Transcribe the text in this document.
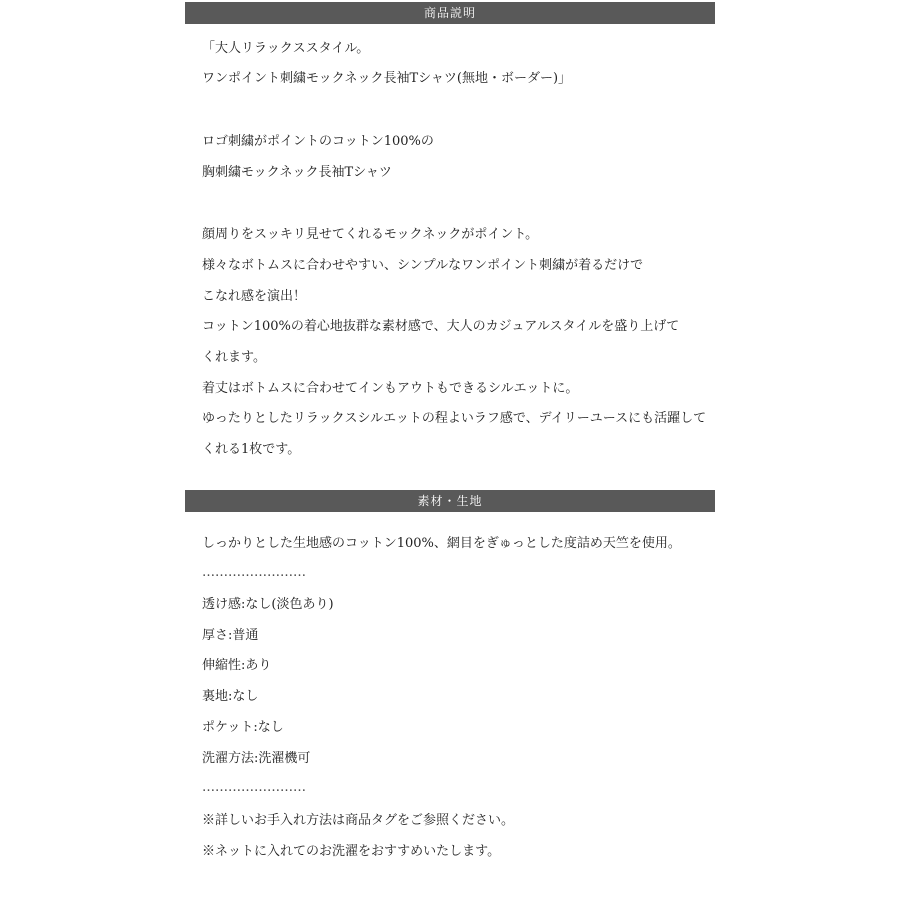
商品説明
「大人リラックススタイル。
ワンポイント刺繍モックネック長袖Tシャツ(無地・ボーダー)」
ロゴ刺繍がポイントのコットン100%の
胸刺繍モックネック長袖Tシャツ
顔周りをスッキリ見せてくれるモックネックがポイント。
様々なボトムスに合わせやすい、シンプルなワンポイント刺繍が着るだけで
こなれ感を演出！
コットン100%の着心地抜群な素材感で、大人のカジュアルスタイルを盛り上げて
くれます。
着丈はボトムスに合わせてインもアウトもできるシルエットに。
ゆったりとしたリラックスシルエットの程よいラフ感で、デイリーユースにも活躍して
くれる1枚です。
素材・生地
しっかりとした生地感のコットン100%、網目をぎゅっとした度詰め天竺を使用。
……………………
透け感:なし(淡色あり)
厚さ:普通
伸縮性:あり
裏地:なし
ポケット:なし
洗濯方法:洗濯機可
……………………
※詳しいお手入れ方法は商品タグをご参照ください。
※ネットに入れてのお洗濯をおすすめいたします。
